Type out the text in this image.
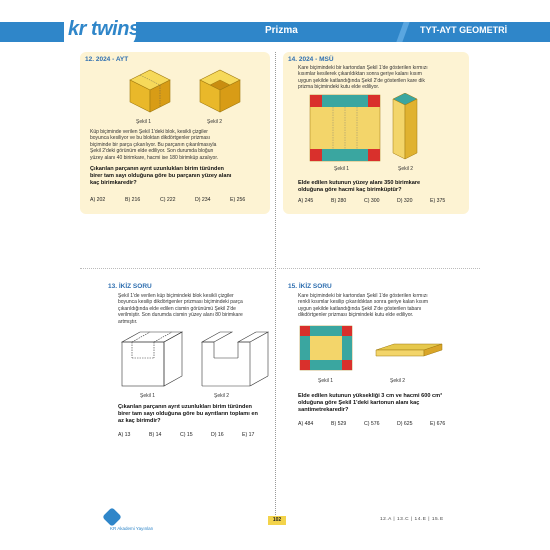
kr twins	Prizma	TYT-AYT GEOMETRİ
12. 2024 - AYT
Şekil 1	Şekil 2
Küp biçiminde verilen Şekil 1'deki blok, kesikli çizgiler
boyunca kesiliyor ve bu bloktan dikdörtgenler prizması
biçiminde bir parça çıkarılıyor. Bu parçanın çıkarılmasıyla
Şekil 2'deki görünüm elde ediliyor. Son durumda bloğun
yüzey alanı 40 birimkare, hacmi ise 180 birimküp azalıyor.
Çıkarılan parçanın ayrıt uzunlukları birim türünden
birer tam sayı olduğuna göre bu parçanın yüzey alanı
kaç birimkaredir?
A) 202	B) 216	C) 222	D) 234	E) 256
14. 2024 - MSÜ
Kare biçimindeki bir kartondan Şekil 1'de gösterilen kırmızı
kısımlar kesilerek çıkarıldıktan sonra geriye kalanı kısım
uygun şekilde katlandığında Şekil 2'de gösterilen kare dik
prizma biçimindeki kutu elde ediliyor.
Şekil 1	Şekil 2
Elde edilen kutunun yüzey alanı 350 birimkare
olduğuna göre hacmi kaç birimküptür?
A) 245	B) 280	C) 300	D) 320	E) 375
13. İKİZ SORU
Şekil 1'de verilen küp biçimindeki blok kesikli çizgiler
boyunca kesilip dikdörtgenler prizması biçimindeki parça
çıkarıldığında elde edilen cismin görünümü Şekil 2'de
verilmiştir. Son durumda cismin yüzey alanı 80 birimkare
artmıştır.
Şekil 1	Şekil 2
Çıkarılan parçanın ayrıt uzunlukları birim türünden
birer tam sayı olduğuna göre bu ayrıtların toplamı en
az kaç birimdir?
A) 13	B) 14	C) 15	D) 16	E) 17
15. İKİZ SORU
Kare biçimindeki bir kartondan Şekil 1'de gösterilen kırmızı
renkli kısımlar kesilip çıkarıldıktan sonra geriye kalan kısım
uygun şekilde katlandığında Şekil 2'de gösterilen tabanı
dikdörtgenler prizması biçimindeki kutu elde ediliyor.
Şekil 1	Şekil 2
Elde edilen kutunun yüksekliği 3 cm ve hacmi 600 cm³
olduğuna göre Şekil 1'deki kartonun alanı kaç
santimetrekaredir?
A) 484	B) 529	C) 576	D) 625	E) 676
KR Akademi Yayınları
102	12.A | 13.C | 14.E | 15.E
